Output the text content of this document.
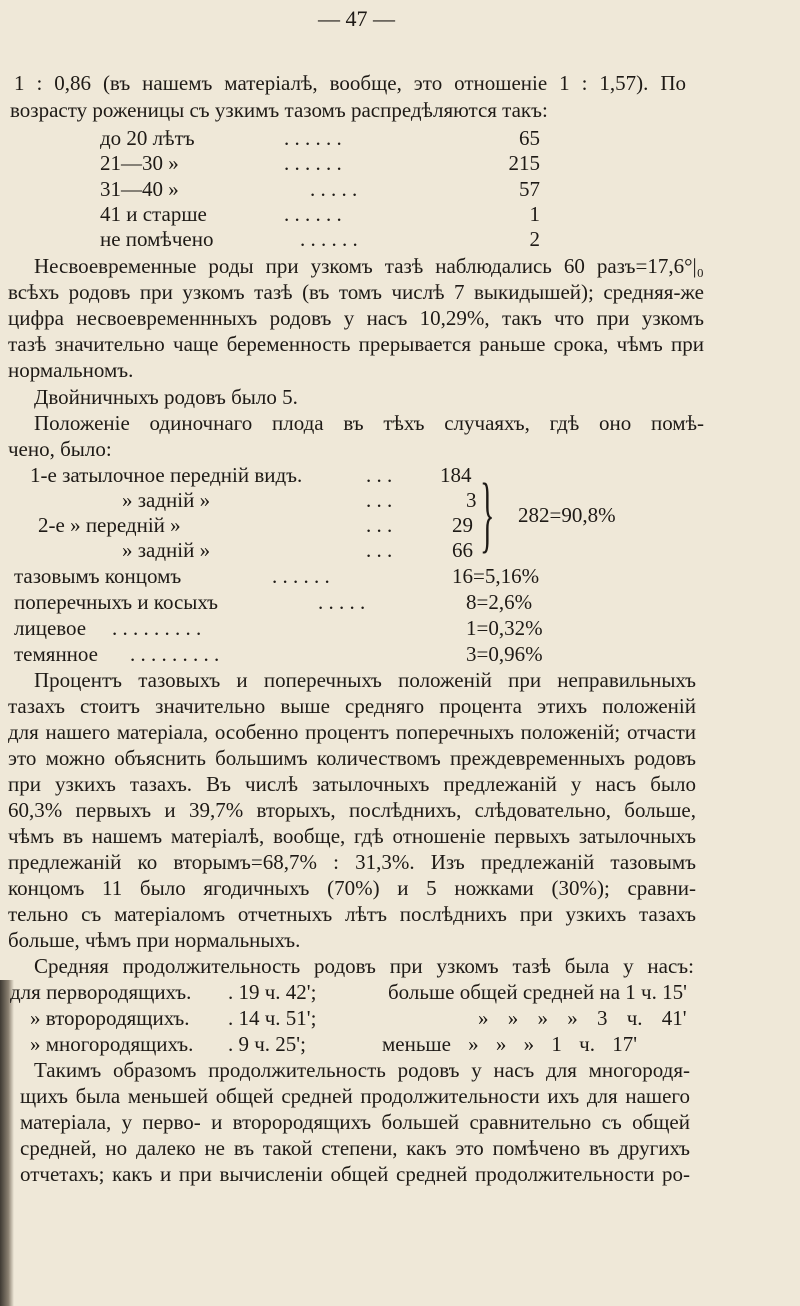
— 47 —
1 : 0,86 (въ нашемъ матеріалѣ, вообще, это отношеніе 1 : 1,57). По
возрасту роженицы съ узкимъ тазомъ распредѣляются такъ:
до 20 лѣтъ	. . . . . .	65
21—30 »	. . . . . .	215
31—40 »	. . . . .	57
41 и старше	. . . . . .	1
не помѣчено	. . . . . .	2
Несвоевременные роды при узкомъ тазѣ наблюдались 60 разъ=17,6°|₀
всѣхъ родовъ при узкомъ тазѣ (въ томъ числѣ 7 выкидышей); средняя-же
цифра несвоевременнныхъ родовъ у насъ 10,29%, такъ что при узкомъ
тазѣ значительно чаще беременность прерывается раньше срока, чѣмъ при
нормальномъ.
Двойничныхъ родовъ было 5.
Положеніе одиночнаго плода въ тѣхъ случаяхъ, гдѣ оно помѣ-
чено, было:
1-е затылочное передній видъ.	. . . 184
» задній »	. . .	3
2-е » передній »	. . .	29
» задній »	. . .	66 } 282=90,8%
тазовымъ концомъ	. . . . . .	16=5,16%
поперечныхъ и косыхъ	. . . . .	8=2,6%
лицевое . . . . . . . . .	1=0,32%
темянное . . . . . . . . .	3=0,96%
Процентъ тазовыхъ и поперечныхъ положеній при неправильныхъ
тазахъ стоитъ значительно выше средняго процента этихъ положеній
для нашего матеріала, особенно процентъ поперечныхъ положеній; отчасти
это можно объяснить большимъ количествомъ преждевременныхъ родовъ
при узкихъ тазахъ. Въ числѣ затылочныхъ предлежаній у насъ было
60,3% первыхъ и 39,7% вторыхъ, послѣднихъ, слѣдовательно, больше,
чѣмъ въ нашемъ матеріалѣ, вообще, гдѣ отношеніе первыхъ затылочныхъ
предлежаній ко вторымъ=68,7% : 31,3%. Изъ предлежаній тазовымъ
концомъ 11 было ягодичныхъ (70%) и 5 ножками (30%); сравни-
тельно съ матеріаломъ отчетныхъ лѣтъ послѣднихъ при узкихъ тазахъ
больше, чѣмъ при нормальныхъ.
Средняя продолжительность родовъ при узкомъ тазѣ была у насъ:
для первородящихъ. . 19 ч. 42';	больше общей средней на 1 ч. 15'
» второродящихъ. . 14 ч. 51';	» » » » 3 ч. 41'
» многородящихъ. . 9 ч. 25';	меньше » » » 1 ч. 17'
Такимъ образомъ продолжительность родовъ у насъ для многородя-
щихъ была меньшей общей средней продолжительности ихъ для нашего
матеріала, у перво- и второродящихъ большей сравнительно съ общей
средней, но далеко не въ такой степени, какъ это помѣчено въ другихъ
отчетахъ; какъ и при вычисленіи общей средней продолжительности ро-
